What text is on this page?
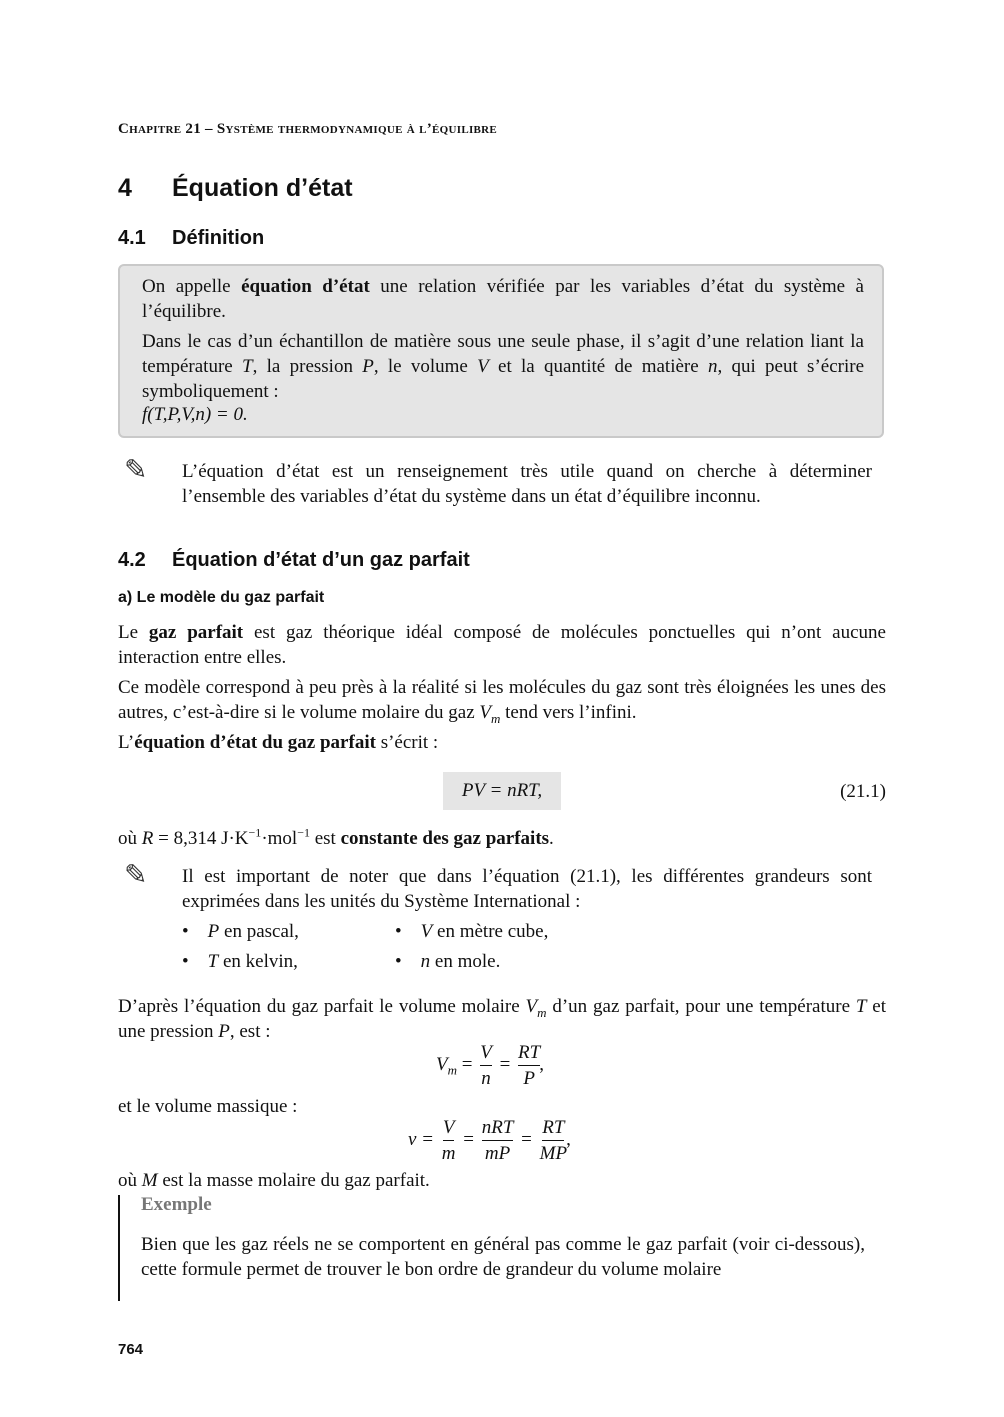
Chapitre 21 – Système thermodynamique à l’équilibre
4 Équation d’état
4.1 Définition
On appelle équation d’état une relation vérifiée par les variables d’état du système à l’équilibre.
Dans le cas d’un échantillon de matière sous une seule phase, il s’agit d’une relation liant la température T, la pression P, le volume V et la quantité de matière n, qui peut s’écrire symboliquement :
f(T,P,V,n) = 0.
✎ L’équation d’état est un renseignement très utile quand on cherche à déterminer l’ensemble des variables d’état du système dans un état d’équilibre inconnu.
4.2 Équation d’état d’un gaz parfait
a) Le modèle du gaz parfait
Le gaz parfait est gaz théorique idéal composé de molécules ponctuelles qui n’ont aucune interaction entre elles.
Ce modèle correspond à peu près à la réalité si les molécules du gaz sont très éloignées les unes des autres, c’est-à-dire si le volume molaire du gaz $V_m$ tend vers l’infini.
L’équation d’état du gaz parfait s’écrit :
PV = nRT,	(21.1)
où R = 8,314 $J\cdot K^{-1}\cdot mol^{-1}$ est constante des gaz parfaits.
✎ Il est important de noter que dans l’équation (21.1), les différentes grandeurs sont exprimées dans les unités du Système International :
•    P en pascal,	•    V en mètre cube,
•    T en kelvin,	•    n en mole.
D’après l’équation du gaz parfait le volume molaire $V_m$ d’un gaz parfait, pour une température T et une pression P, est :
$V_m = \frac{V}{n} = \frac{RT}{P}$ ,
et le volume massique :
$v = \frac{V}{m} = \frac{\text{nRT}}{mP} = \frac{RT}{MP}$ ,
où M est la masse molaire du gaz parfait.
Exemple
Bien que les gaz réels ne se comportent en général pas comme le gaz parfait (voir ci-dessous), cette formule permet de trouver le bon ordre de grandeur du volume molaire
764
